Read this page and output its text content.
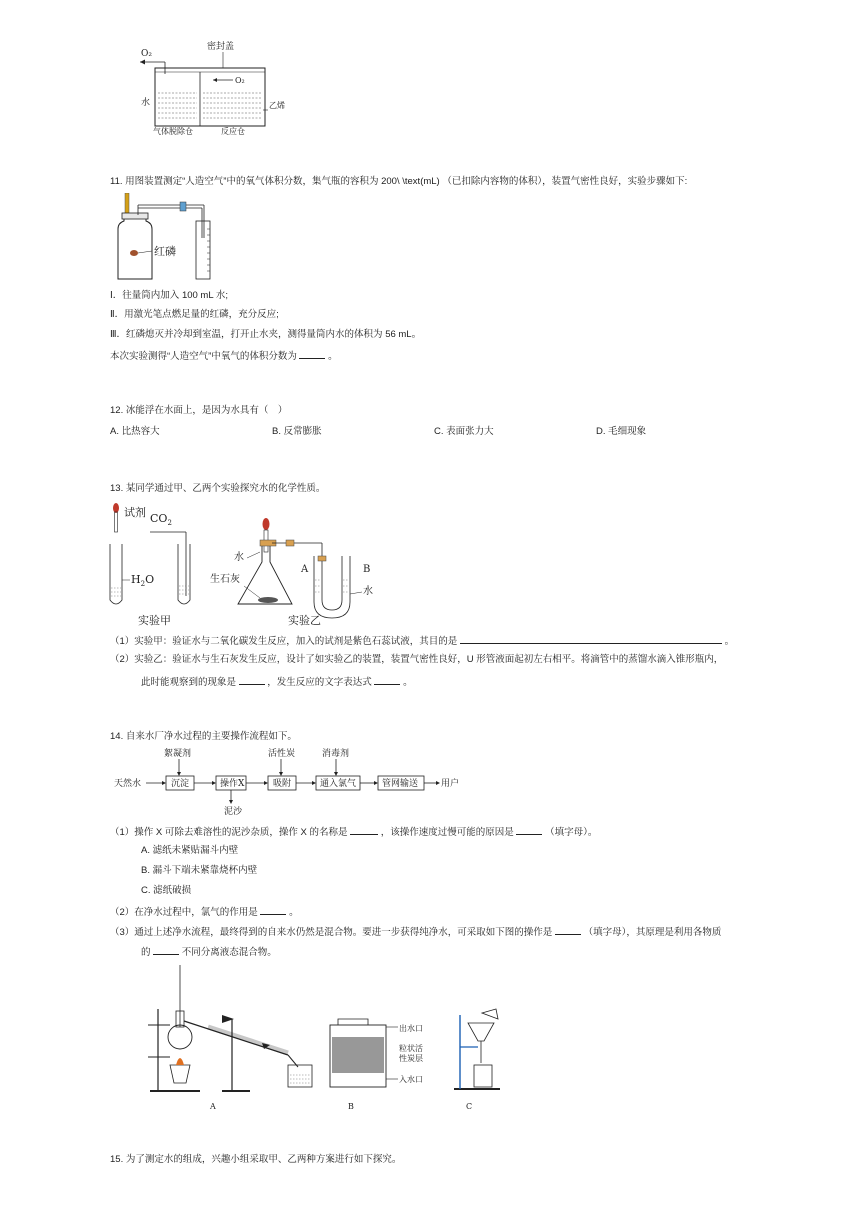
O₂
密封盖
O₂
水	乙烯
气体脱除仓	反应仓
11. 用图装置测定“人造空气”中的氧气体积分数，集气瓶的容积为 200\ \text(mL) （已扣除内容物的体积），装置气密性良好，实验步骤如下:
红磷
Ⅰ．往量筒内加入 100 mL 水;
Ⅱ．用激光笔点燃足量的红磷，充分反应;
Ⅲ．红磷熄灭并冷却到室温，打开止水夹，测得量筒内水的体积为 56 mL。
本次实验测得“人造空气”中氧气的体积分数为	。
12. 冰能浮在水面上，是因为水具有（　）
A. 比热容大	B. 反常膨胀	C. 表面张力大	D. 毛细现象
13. 某同学通过甲、乙两个实验探究水的化学性质。
试剂
$H_2O$
$CO_2$
实验甲
水
生石灰
A	B
水
实验乙
（1）实验甲：验证水与二氧化碳发生反应，加入的试剂是紫色石蕊试液，其目的是	。
（2）实验乙：验证水与生石灰发生反应，设计了如实验乙的装置，装置气密性良好，U 形管液面起初左右相平。将滴管中的蒸馏水滴入锥形瓶内，
此时能观察到的现象是	，发生反应的文字表达式	。
14. 自来水厂净水过程的主要操作流程如下。
天然水
絮凝剂
沉淀	操作X
泥沙
活性炭
吸附
消毒剂
通入氯气	管网输送	用户
（1）操作 X 可除去难溶性的泥沙杂质，操作 X 的名称是	，该操作速度过慢可能的原因是	（填字母）。
A. 滤纸未紧贴漏斗内壁
B. 漏斗下端未紧靠烧杯内壁
C. 滤纸破损
（2）在净水过程中，氯气的作用是	。
（3）通过上述净水流程，最终得到的自来水仍然是混合物。要进一步获得纯净水，可采取如下图的操作是	（填字母），其原理是利用各物质
的	不同分离液态混合物。
A
出水口
粒状活
性炭层
入水口
B	C
15. 为了测定水的组成，兴趣小组采取甲、乙两种方案进行如下探究。
